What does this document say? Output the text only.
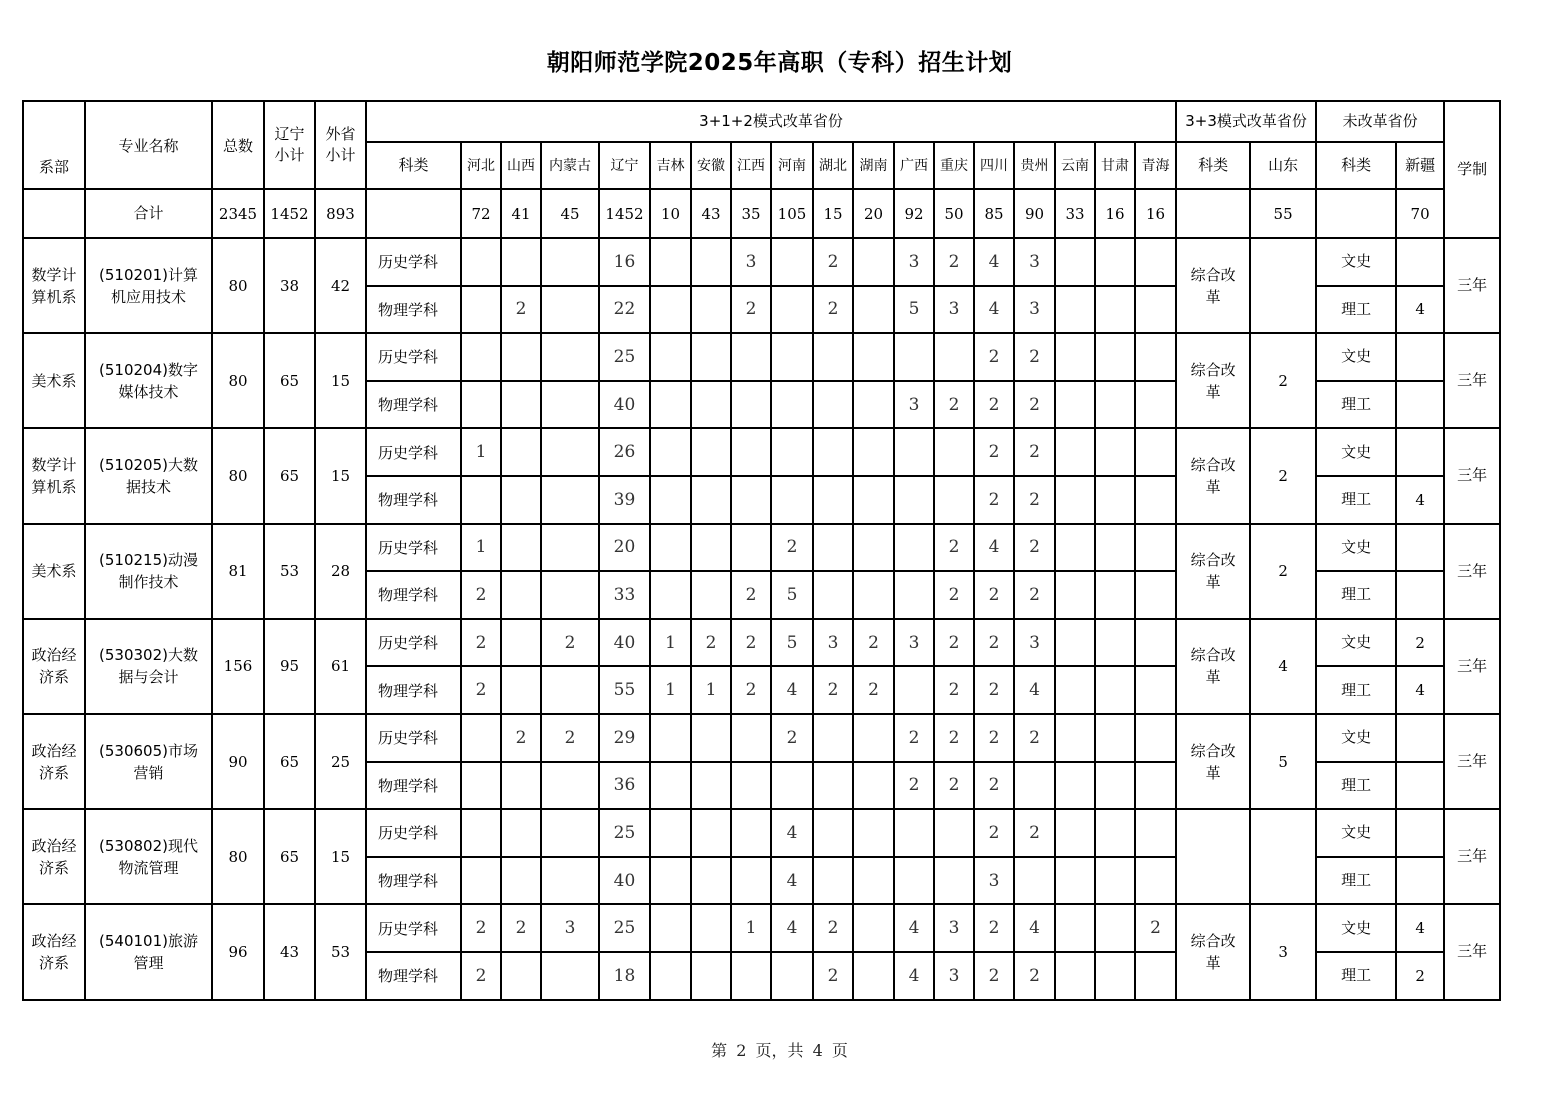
朝阳师范学院2025年高职（专科）招生计划
系部	专业名称	总数	辽宁小计	外省小计	3+1+2模式改革省份																		3+3模式改革省份		未改革省份		学制
					科类	河北	山西	内蒙古	辽宁	吉林	安徽	江西	河南	湖北	湖南	广西	重庆	四川	贵州	云南	甘肃	青海	科类	山东	科类	新疆	
	合计	2345	1452	893		72	41	45	1452	10	43	35	105	15	20	92	50	85	90	33	16	16		55		70	
数学计算机系	(510201)计算机应用技术	80	38	42	历史学科				16			3		2		3	2	4	3				综合改革		文史		三年
					物理学科		2		22			2		2		5	3	4	3						理工	4	
美术系	(510204)数字媒体技术	80	65	15	历史学科				25									2	2				综合改革	2	文史		三年
					物理学科				40							3	2	2	2						理工		
数学计算机系	(510205)大数据技术	80	65	15	历史学科	1			26									2	2				综合改革	2	文史		三年
					物理学科				39									2	2						理工	4	
美术系	(510215)动漫制作技术	81	53	28	历史学科	1			20				2				2	4	2				综合改革	2	文史		三年
					物理学科	2			33			2	5				2	2	2						理工		
政治经济系	(530302)大数据与会计	156	95	61	历史学科	2		2	40	1	2	2	5	3	2	3	2	2	3				综合改革	4	文史	2	三年
					物理学科	2			55	1	1	2	4	2	2		2	2	4						理工	4	
政治经济系	(530605)市场营销	90	65	25	历史学科		2	2	29				2			2	2	2	2				综合改革	5	文史		三年
					物理学科				36							2	2	2							理工		
政治经济系	(530802)现代物流管理	80	65	15	历史学科				25				4					2	2						文史		三年
					物理学科				40				4					3							理工		
政治经济系	(540101)旅游管理	96	43	53	历史学科	2	2	3	25			1	4	2		4	3	2	4			2	综合改革	3	文史	4	三年
					物理学科	2			18					2		4	3	2	2						理工	2	
第 2 页，共 4 页
